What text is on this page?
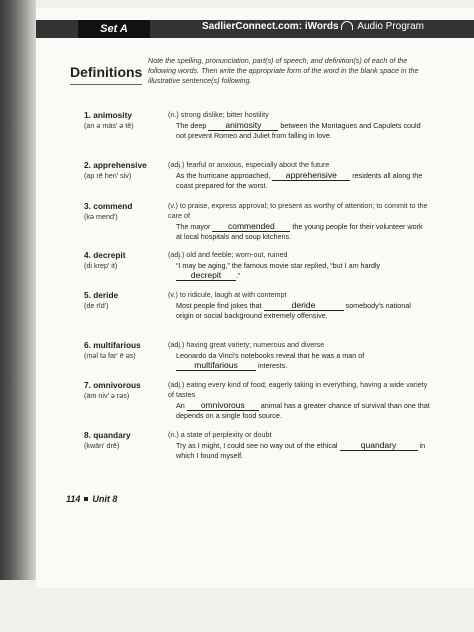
Set A	SadlierConnect.com: iWords Audio Program
Definitions
Note the spelling, pronunciation, part(s) of speech, and definition(s) of each of the following words. Then write the appropriate form of the word in the blank space in the illustrative sentence(s) following.
1. animosity
(an ə mäs′ ə tē)
(n.) strong dislike; bitter hostility
The deep animosity between the Montagues and Capulets could not prevent Romeo and Juliet from falling in love.
2. apprehensive
(ap rē hen′ siv)
(adj.) fearful or anxious, especially about the future
As the hurricane approached, apprehensive residents all along the coast prepared for the worst.
3. commend
(kə mend′)
(v.) to praise, express approval; to present as worthy of attention; to commit to the care of
The mayor commended the young people for their volunteer work at local hospitals and soup kitchens.
4. decrepit
(di krep′ it)
(adj.) old and feeble; worn-out, ruined
“I may be aging,” the famous movie star replied, “but I am hardly decrepit .”
5. deride
(de rīd′)
(v.) to ridicule, laugh at with contempt
Most people find jokes that	deride	somebody's national origin or social background extremely offensive.
6. multifarious
(məl tə far′ ē əs)
(adj.) having great variety; numerous and diverse
Leonardo da Vinci's notebooks reveal that he was a man of multifarious	interests.
7. omnivorous
(äm niv′ ə rəs)
(adj.) eating every kind of food; eagerly taking in everything, having a wide variety of tastes
An omnivorous animal has a greater chance of survival than one that depends on a single food source.
8. quandary
(kwän′ drē)
(n.) a state of perplexity or doubt
Try as I might, I could see no way out of the ethical	quandary	in which I found myself.
114 Unit 8
